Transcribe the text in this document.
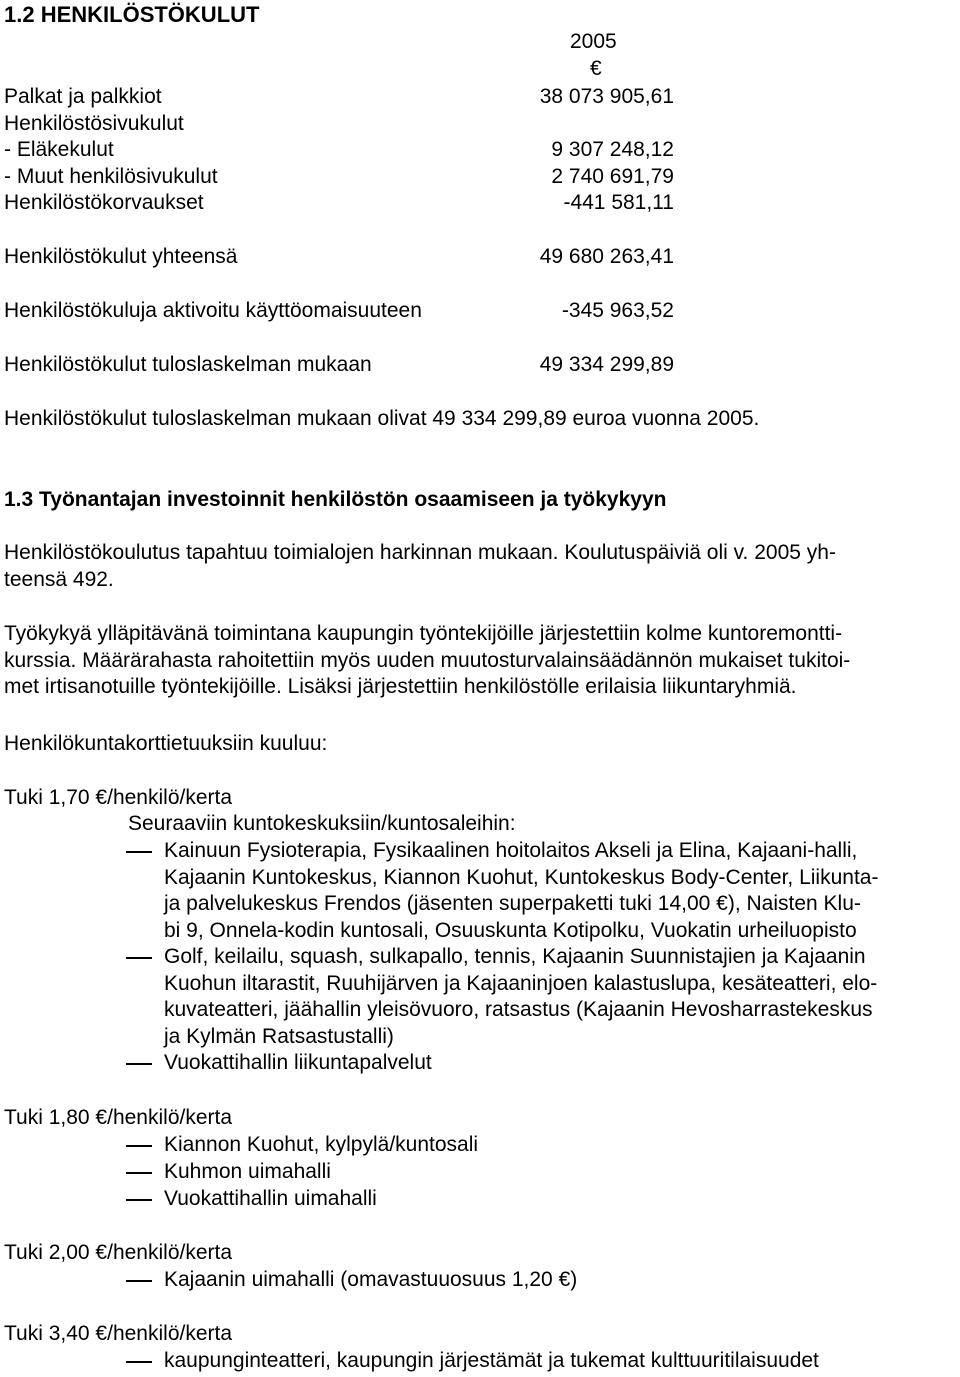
1.2 HENKILÖSTÖKULUT
2005
€
Palkat ja palkkiot	38 073 905,61
Henkilöstösivukulut
- Eläkekulut	9 307 248,12
- Muut henkilösivukulut	2 740 691,79
Henkilöstökorvaukset	-441 581,11
Henkilöstökulut yhteensä	49 680 263,41
Henkilöstökuluja aktivoitu käyttöomaisuuteen	-345 963,52
Henkilöstökulut tuloslaskelman mukaan	49 334 299,89
Henkilöstökulut tuloslaskelman mukaan olivat 49 334 299,89 euroa vuonna 2005.
1.3 Työnantajan investoinnit henkilöstön osaamiseen ja työkykyyn

Henkilöstökoulutus tapahtuu toimialojen harkinnan mukaan. Koulutuspäiviä oli v. 2005 yh-

teensä 492.

Työkykyä ylläpitävänä toimintana kaupungin työntekijöille järjestettiin kolme kuntoremontti-

kurssia. Määrärahasta rahoitettiin myös uuden muutosturvalainsäädännön mukaiset tukitoi-

met irtisanotuille työntekijöille. Lisäksi järjestettiin henkilöstölle erilaisia liikuntaryhmiä.

Henkilökuntakorttietuuksiin kuuluu:
Tuki 1,70 €/henkilö/kerta
Seuraaviin kuntokeskuksiin/kuntosaleihin:

Kainuun Fysioterapia, Fysikaalinen hoitolaitos Akseli ja Elina, Kajaani-halli,

Kajaanin Kuntokeskus, Kiannon Kuohut, Kuntokeskus Body-Center, Liikunta-

ja palvelukeskus Frendos (jäsenten superpaketti tuki 14,00 €), Naisten Klu-

bi 9, Onnela-kodin kuntosali, Osuuskunta Kotipolku, Vuokatin urheiluopisto

Golf, keilailu, squash, sulkapallo, tennis, Kajaanin Suunnistajien ja Kajaanin

Kuohun iltarastit, Ruuhijärven ja Kajaaninjoen kalastuslupa, kesäteatteri, elo-

kuvateatteri, jäähallin yleisövuoro, ratsastus (Kajaanin Hevosharrastekeskus

ja Kylmän Ratsastustalli)

Vuokattihallin liikuntapalvelut

Tuki 1,80 €/henkilö/kerta

Kiannon Kuohut, kylpylä/kuntosali

Kuhmon uimahalli

Vuokattihallin uimahalli

Tuki 2,00 €/henkilö/kerta

Kajaanin uimahalli (omavastuuosuus 1,20 €)

Tuki 3,40 €/henkilö/kerta

kaupunginteatteri, kaupungin järjestämät ja tukemat kulttuuritilaisuudet
